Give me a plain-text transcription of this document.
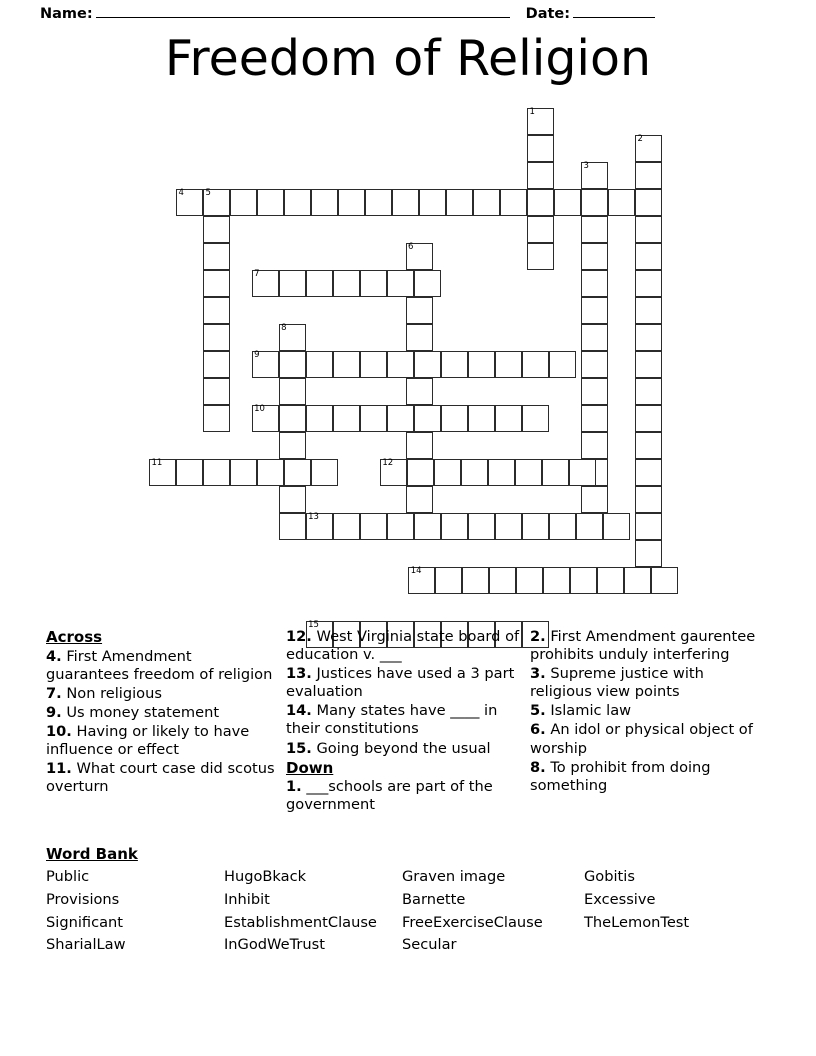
Name:	Date:
Freedom of Religion
1
2
3
4	5
6
7
8
9
10
11	12
13
14
15
Across
4. First Amendment guarantees freedom of religion
7. Non religious
9. Us money statement
10. Having or likely to have influence or effect
11. What court case did scotus overturn
12. West Virginia state board of education v. ___
13. Justices have used a 3 part evaluation
14. Many states have ____ in their constitutions
15. Going beyond the usual
Down
1. ___schools are part of the government
2. First Amendment gaurentee prohibits unduly interfering
3. Supreme justice with religious view points
5. Islamic law
6. An idol or physical object of worship
8. To prohibit from doing something
Word Bank
Public	HugoBkack	Graven image	Gobitis
Provisions	Inhibit	Barnette	Excessive
Significant	EstablishmentClause	FreeExerciseClause	TheLemonTest
SharialLaw	InGodWeTrust	Secular
